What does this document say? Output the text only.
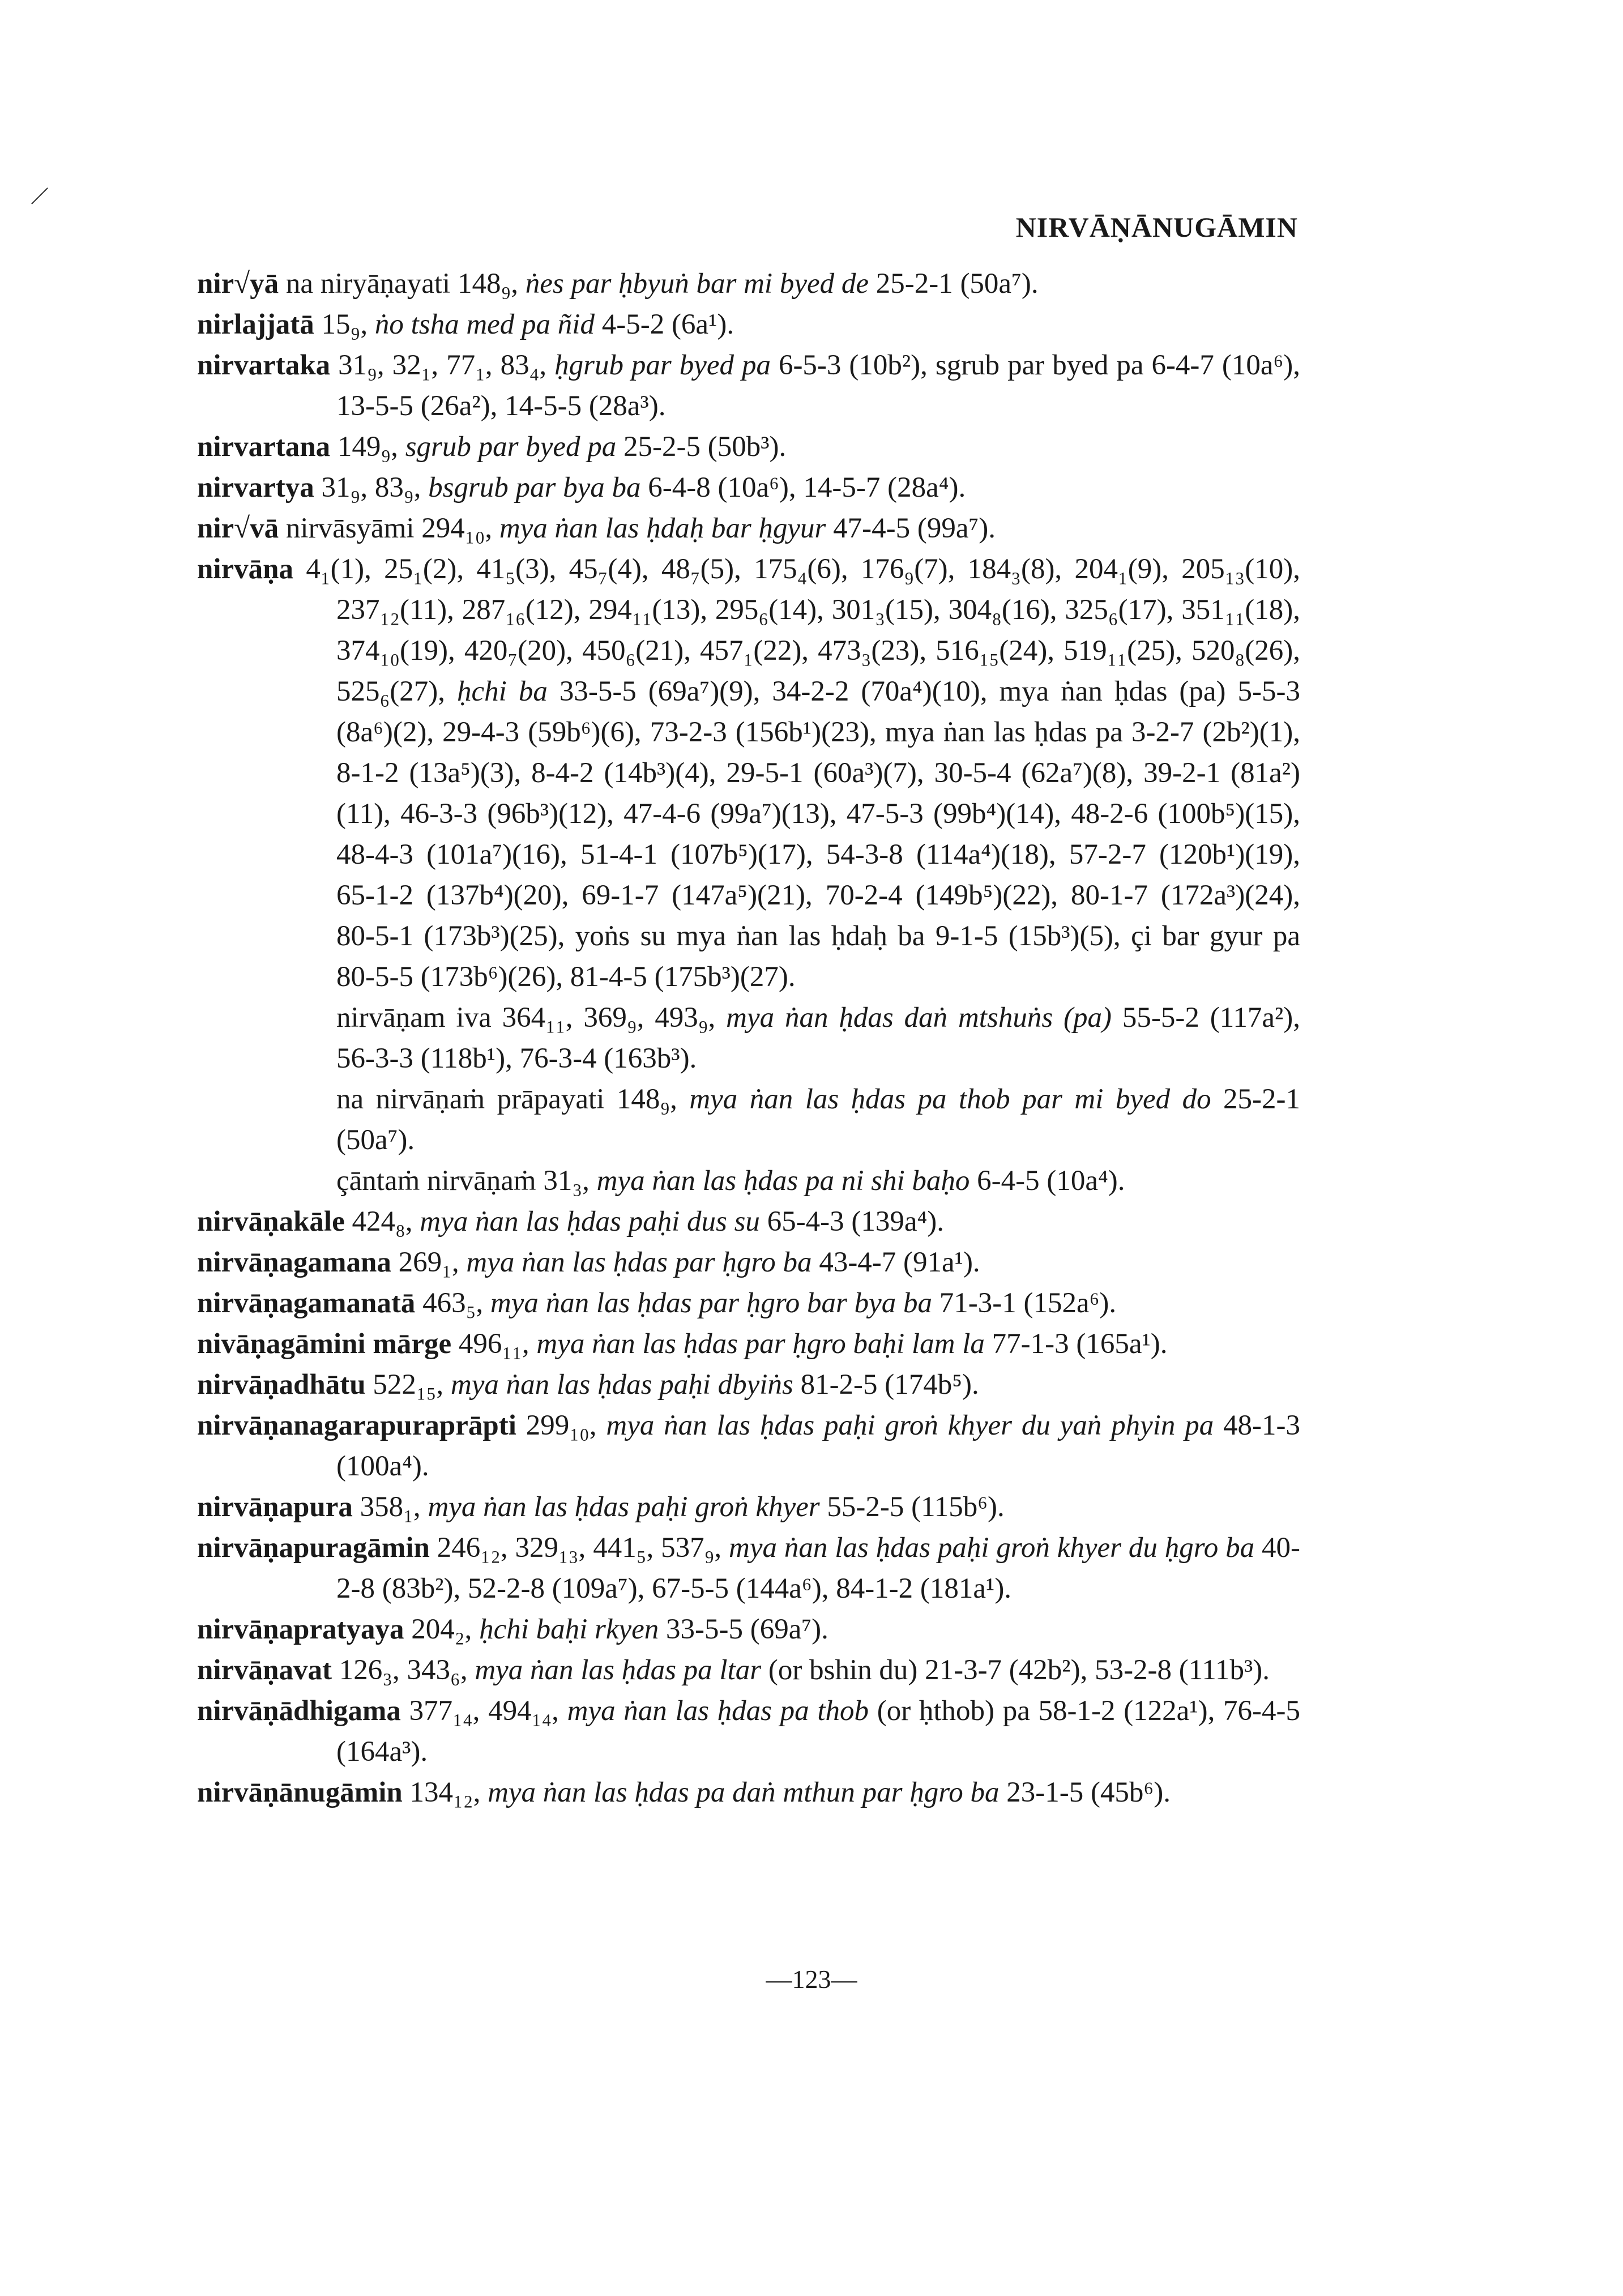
NIRVĀṆĀNUGĀMIN

nir√yā na niryāṇayati 148₉, ṅes par ḥbyuṅ bar mi byed de 25-2-1 (50a⁷).

nirlajjatā 15₉, ṅo tsha med pa ñid 4-5-2 (6a¹).

nirvartaka 31₉, 32₁, 77₁, 83₄, ḥgrub par byed pa 6-5-3 (10b²), sgrub par byed pa 6-4-7 (10a⁶), 13-5-5 (26a²), 14-5-5 (28a³).

nirvartana 149₉, sgrub par byed pa 25-2-5 (50b³).

nirvartya 31₉, 83₉, bsgrub par bya ba 6-4-8 (10a⁶), 14-5-7 (28a⁴).

nir√vā nirvāsyāmi 294₁₀, mya ṅan las ḥdaḥ bar ḥgyur 47-4-5 (99a⁷).

nirvāṇa 4₁(1), 25₁(2), 41₅(3), 45₇(4), 48₇(5), 175₄(6), 176₉(7), 184₃(8), 204₁(9), 205₁₃(10), 237₁₂(11), 287₁₆(12), 294₁₁(13), 295₆(14), 301₃(15), 304₈(16), 325₆(17), 351₁₁(18), 374₁₀(19), 420₇(20), 450₆(21), 457₁(22), 473₃(23), 516₁₅(24), 519₁₁(25), 520₈(26), 525₆(27), ḥchi ba 33-5-5 (69a⁷)(9), 34-2-2 (70a⁴)(10), mya ṅan ḥdas (pa) 5-5-3 (8a⁶)(2), 29-4-3 (59b⁶)(6), 73-2-3 (156b¹)(23), mya ṅan las ḥdas pa 3-2-7 (2b²)(1), 8-1-2 (13a⁵)(3), 8-4-2 (14b³)(4), 29-5-1 (60a³)(7), 30-5-4 (62a⁷)(8), 39-2-1 (81a²)(11), 46-3-3 (96b³)(12), 47-4-6 (99a⁷)(13), 47-5-3 (99b⁴)(14), 48-2-6 (100b⁵)(15), 48-4-3 (101a⁷)(16), 51-4-1 (107b⁵)(17), 54-3-8 (114a⁴)(18), 57-2-7 (120b¹)(19), 65-1-2 (137b⁴)(20), 69-1-7 (147a⁵)(21), 70-2-4 (149b⁵)(22), 80-1-7 (172a³)(24), 80-5-1 (173b³)(25), yoṅs su mya ṅan las ḥdaḥ ba 9-1-5 (15b³)(5), çi bar gyur pa 80-5-5 (173b⁶)(26), 81-4-5 (175b³)(27).

nirvāṇam iva 364₁₁, 369₉, 493₉, mya ṅan ḥdas daṅ mtshuṅs (pa) 55-5-2 (117a²), 56-3-3 (118b¹), 76-3-4 (163b³).

na nirvāṇaṁ prāpayati 148₉, mya ṅan las ḥdas pa thob par mi byed do 25-2-1 (50a⁷).

çāntaṁ nirvāṇaṁ 31₃, mya ṅan las ḥdas pa ni shi baḥo 6-4-5 (10a⁴).

nirvāṇakāle 424₈, mya ṅan las ḥdas paḥi dus su 65-4-3 (139a⁴).

nirvāṇagamana 269₁, mya ṅan las ḥdas par ḥgro ba 43-4-7 (91a¹).

nirvāṇagamanatā 463₅, mya ṅan las ḥdas par ḥgro bar bya ba 71-3-1 (152a⁶).

nivāṇagāmini mārge 496₁₁, mya ṅan las ḥdas par ḥgro baḥi lam la 77-1-3 (165a¹).

nirvāṇadhātu 522₁₅, mya ṅan las ḥdas paḥi dbyiṅs 81-2-5 (174b⁵).

nirvāṇanagarapuraprāpti 299₁₀, mya ṅan las ḥdas paḥi groṅ khyer du yaṅ phyin pa 48-1-3 (100a⁴).

nirvāṇapura 358₁, mya ṅan las ḥdas paḥi groṅ khyer 55-2-5 (115b⁶).

nirvāṇapuragāmin 246₁₂, 329₁₃, 441₅, 537₉, mya ṅan las ḥdas paḥi groṅ khyer du ḥgro ba 40-2-8 (83b²), 52-2-8 (109a⁷), 67-5-5 (144a⁶), 84-1-2 (181a¹).

nirvāṇapratyaya 204₂, ḥchi baḥi rkyen 33-5-5 (69a⁷).

nirvāṇavat 126₃, 343₆, mya ṅan las ḥdas pa ltar (or bshin du) 21-3-7 (42b²), 53-2-8 (111b³).

nirvāṇādhigama 377₁₄, 494₁₄, mya ṅan las ḥdas pa thob (or ḥthob) pa 58-1-2 (122a¹), 76-4-5 (164a³).

nirvāṇānugāmin 134₁₂, mya ṅan las ḥdas pa daṅ mthun par ḥgro ba 23-1-5 (45b⁶).

—123—
